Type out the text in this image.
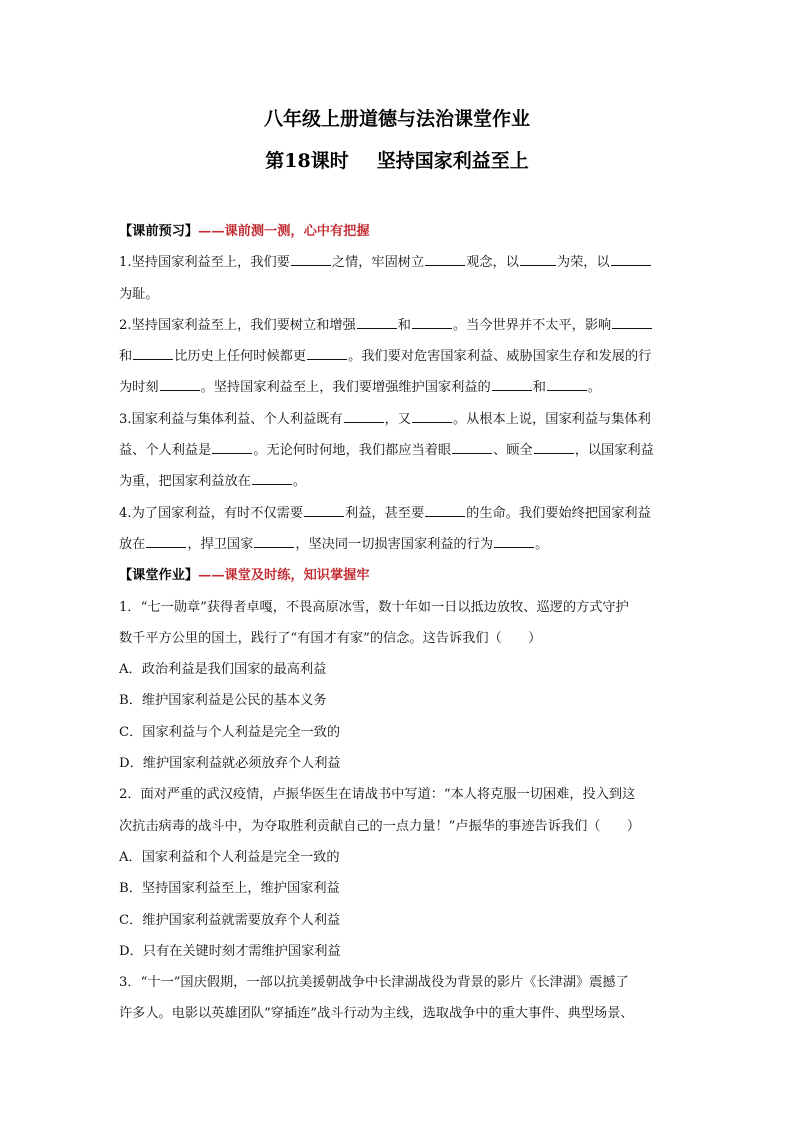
八年级上册道德与法治课堂作业
第18课时 坚持国家利益至上

【课前预习】——课前测一测，心中有把握

1.坚持国家利益至上，我们要	之情，牢固树立	观念，以	为荣，以
为耻。

2.坚持国家利益至上，我们要树立和增强	和	。当今世界并不太平，影响
和	比历史上任何时候都更	。我们要对危害国家利益、威胁国家生存和发展的行
为时刻	。坚持国家利益至上，我们要增强维护国家利益的	和	。

3.国家利益与集体利益、个人利益既有	，又	。从根本上说，国家利益与集体利
益、个人利益是	。无论何时何地，我们都应当着眼	、顾全	，以国家利益
为重，把国家利益放在	。

4.为了国家利益，有时不仅需要	利益，甚至要	的生命。我们要始终把国家利益
放在	，捍卫国家	，坚决同一切损害国家利益的行为	。

【课堂作业】——课堂及时练，知识掌握牢

1．“七一勋章”获得者卓嘎，不畏高原冰雪，数十年如一日以抵边放牧、巡逻的方式守护
数千平方公里的国土，践行了“有国才有家”的信念。这告诉我们（　　）

A．政治利益是我们国家的最高利益

B．维护国家利益是公民的基本义务

C．国家利益与个人利益是完全一致的

D．维护国家利益就必须放弃个人利益

2．面对严重的武汉疫情，卢振华医生在请战书中写道：“本人将克服一切困难，投入到这
次抗击病毒的战斗中，为夺取胜利贡献自己的一点力量！”卢振华的事迹告诉我们（　　）

A．国家利益和个人利益是完全一致的

B．坚持国家利益至上，维护国家利益

C．维护国家利益就需要放弃个人利益

D．只有在关键时刻才需维护国家利益

3．“十一”国庆假期，一部以抗美援朝战争中长津湖战役为背景的影片《长津湖》震撼了
许多人。电影以英雄团队“穿插连”战斗行动为主线，选取战争中的重大事件、典型场景、
